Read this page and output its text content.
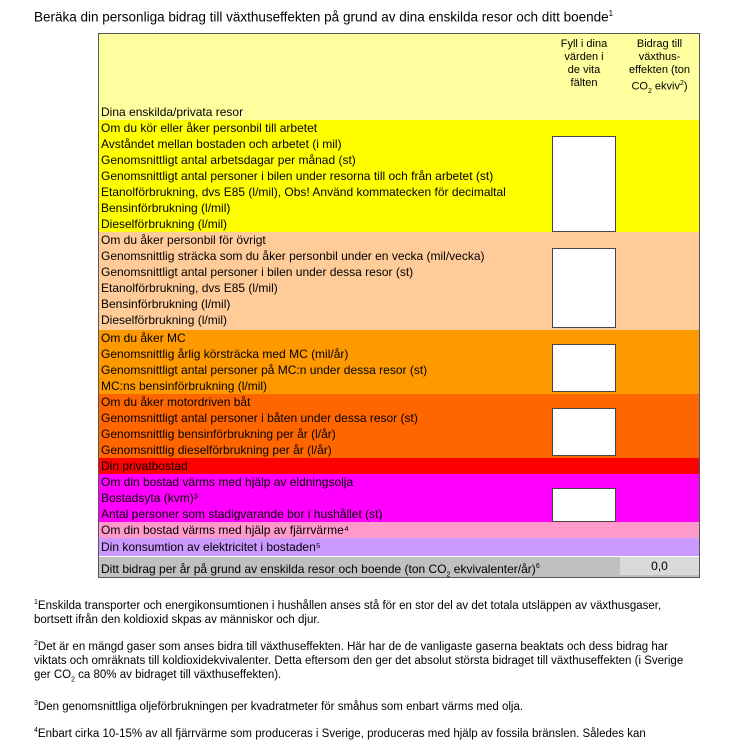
Beräka din personliga bidrag till växthuseffekten på grund av dina enskilda resor och ditt boende$^1$
Fyll i dina
värden i
de vita
fälten
Bidrag till
växthus-
effekten (ton
$CO_2$ ekviv$^2$)
Dina enskilda/privata resor
Om du kör eller åker personbil till arbetet
Avståndet mellan bostaden och arbetet (i mil)
Genomsnittligt antal arbetsdagar per månad (st)
Genomsnittligt antal personer i bilen under resorna till och från arbetet (st)
Etanolförbrukning, dvs E85 (l/mil), Obs! Använd kommatecken för decimaltal
Bensinförbrukning (l/mil)
Dieselförbrukning (l/mil)
Om du åker personbil för övrigt
Genomsnittlig sträcka som du åker personbil under en vecka (mil/vecka)
Genomsnittligt antal personer i bilen under dessa resor (st)
Etanolförbrukning, dvs E85 (l/mil)
Bensinförbrukning (l/mil)
Dieselförbrukning (l/mil)
Om du åker MC
Genomsnittlig årlig körsträcka med MC (mil/år)
Genomsnittligt antal personer på MC:n under dessa resor (st)
MC:ns bensinförbrukning (l/mil)
Om du åker motordriven båt
Genomsnittligt antal personer i båten under dessa resor (st)
Genomsnittlig bensinförbrukning per år (l/år)
Genomsnittlig dieselförbrukning per år (l/år)
Din privatbostad
Om din bostad värms med hjälp av eldningsolja
Bostadsyta (kvm)³
Antal personer som stadigvarande bor i hushållet (st)
Om din bostad värms med hjälp av fjärrvärme⁴
Din konsumtion av elektricitet i bostaden⁵
Ditt bidrag per år på grund av enskilda resor och boende (ton $CO_2$ ekvivalenter/år)$^6$	0,0
$^1$Enskilda transporter och energikonsumtionen i hushållen anses stå för en stor del av det totala utsläppen av växthusgaser, bortsett ifrån den koldioxid skpas av människor och djur.
$^2$Det är en mängd gaser som anses bidra till växthuseffekten. Här har de de vanligaste gaserna beaktats och dess bidrag har viktats och omräknats till koldioxidekvivalenter. Detta eftersom den ger det absolut största bidraget till växthuseffekten (i Sverige ger $CO_2$ ca 80% av bidraget till växthuseffekten).
$^3$Den genomsnittliga oljeförbrukningen per kvadratmeter för småhus som enbart värms med olja.
$^4$Enbart cirka 10-15% av all fjärrvärme som produceras i Sverige, produceras med hjälp av fossila bränslen. Således kan
